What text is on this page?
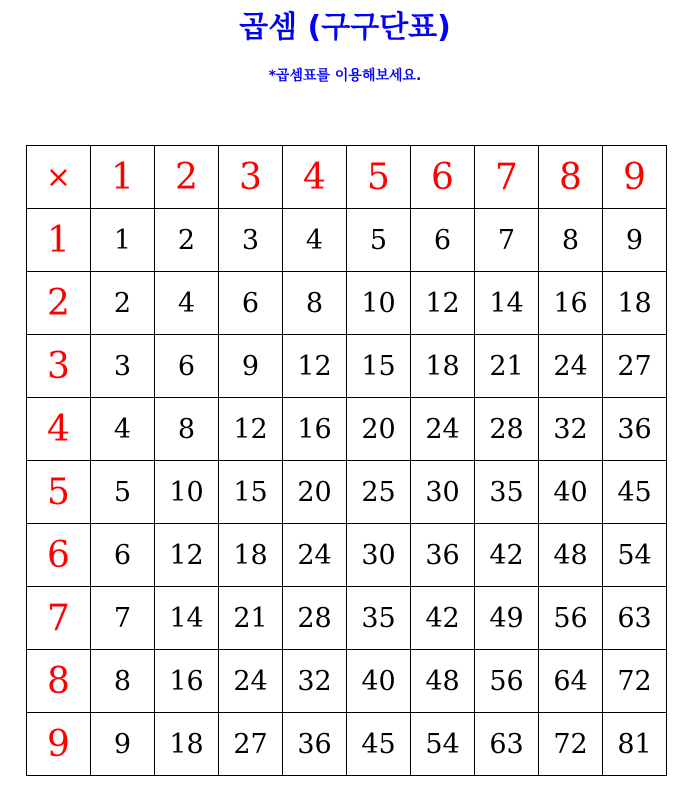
곱셈 (구구단표)
*곱셈표를 이용해보세요.
×	1	2	3	4	5	6	7	8	9
1	1	2	3	4	5	6	7	8	9
2	2	4	6	8	10	12	14	16	18
3	3	6	9	12	15	18	21	24	27
4	4	8	12	16	20	24	28	32	36
5	5	10	15	20	25	30	35	40	45
6	6	12	18	24	30	36	42	48	54
7	7	14	21	28	35	42	49	56	63
8	8	16	24	32	40	48	56	64	72
9	9	18	27	36	45	54	63	72	81
